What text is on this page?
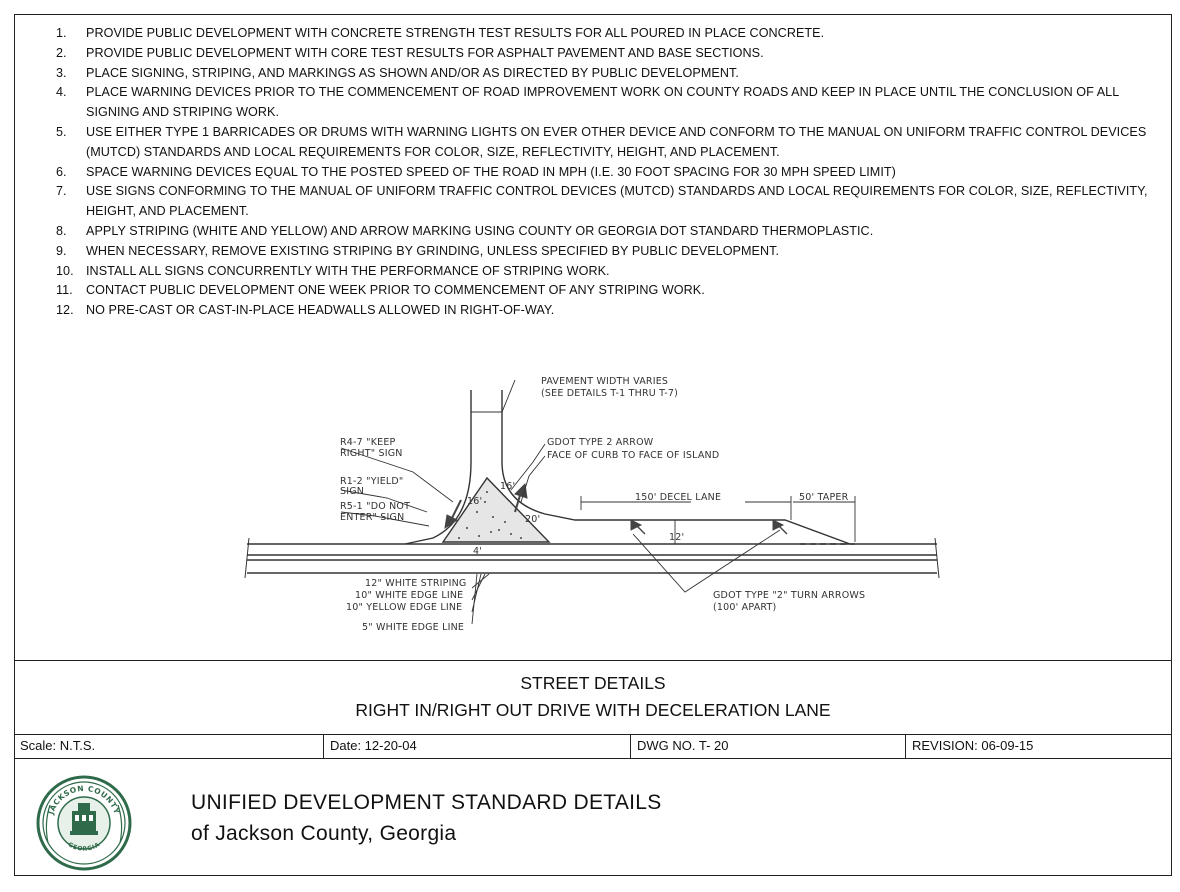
1.	PROVIDE PUBLIC DEVELOPMENT WITH CONCRETE STRENGTH TEST RESULTS FOR ALL POURED IN PLACE CONCRETE.
2.	PROVIDE PUBLIC DEVELOPMENT WITH CORE TEST RESULTS FOR ASPHALT PAVEMENT AND BASE SECTIONS.
3.	PLACE SIGNING, STRIPING, AND MARKINGS AS SHOWN AND/OR AS DIRECTED BY PUBLIC DEVELOPMENT.
4.	PLACE WARNING DEVICES PRIOR TO THE COMMENCEMENT OF ROAD IMPROVEMENT WORK ON COUNTY ROADS AND KEEP IN PLACE UNTIL THE CONCLUSION OF ALL SIGNING AND STRIPING WORK.
5.	USE EITHER TYPE 1 BARRICADES OR DRUMS WITH WARNING LIGHTS ON EVER OTHER DEVICE AND CONFORM TO THE MANUAL ON UNIFORM TRAFFIC CONTROL DEVICES (MUTCD) STANDARDS AND LOCAL REQUIREMENTS FOR COLOR, SIZE, REFLECTIVITY, HEIGHT, AND PLACEMENT.
6.	SPACE WARNING DEVICES EQUAL TO THE POSTED SPEED OF THE ROAD IN MPH (I.E. 30 FOOT SPACING FOR 30 MPH SPEED LIMIT)
7.	USE SIGNS CONFORMING TO THE MANUAL OF UNIFORM TRAFFIC CONTROL DEVICES (MUTCD) STANDARDS AND LOCAL REQUIREMENTS FOR COLOR, SIZE, REFLECTIVITY, HEIGHT, AND PLACEMENT.
8.	APPLY STRIPING (WHITE AND YELLOW) AND ARROW MARKING USING COUNTY OR GEORGIA DOT STANDARD THERMOPLASTIC.
9.	WHEN NECESSARY, REMOVE EXISTING STRIPING BY GRINDING, UNLESS SPECIFIED BY PUBLIC DEVELOPMENT.
10. INSTALL ALL SIGNS CONCURRENTLY WITH THE PERFORMANCE OF STRIPING WORK.
11.	CONTACT PUBLIC DEVELOPMENT ONE WEEK PRIOR TO COMMENCEMENT OF ANY STRIPING WORK.
12. NO PRE-CAST OR CAST-IN-PLACE HEADWALLS ALLOWED IN RIGHT-OF-WAY.
PAVEMENT WIDTH VARIES
(SEE DETAILS T-1 THRU T-7)
R4-7 "KEEP
RIGHT" SIGN
GDOT TYPE 2 ARROW
FACE OF CURB TO FACE OF ISLAND
R1-2 "YIELD"
SIGN
R5-1 "DO NOT
ENTER" SIGN
16'
16'
20'
4'
150' DECEL LANE	50' TAPER
12'
12" WHITE STRIPING
10" WHITE EDGE LINE
10" YELLOW EDGE LINE
5" WHITE EDGE LINE
GDOT TYPE "2" TURN ARROWS
(100' APART)
STREET DETAILS
RIGHT IN/RIGHT OUT DRIVE WITH DECELERATION LANE
Scale: N.T.S.	Date: 12-20-04	DWG NO. T- 20	REVISION: 06-09-15
JACKSON COUNTY
GEORGIA
UNIFIED DEVELOPMENT STANDARD DETAILS
of Jackson County, Georgia
